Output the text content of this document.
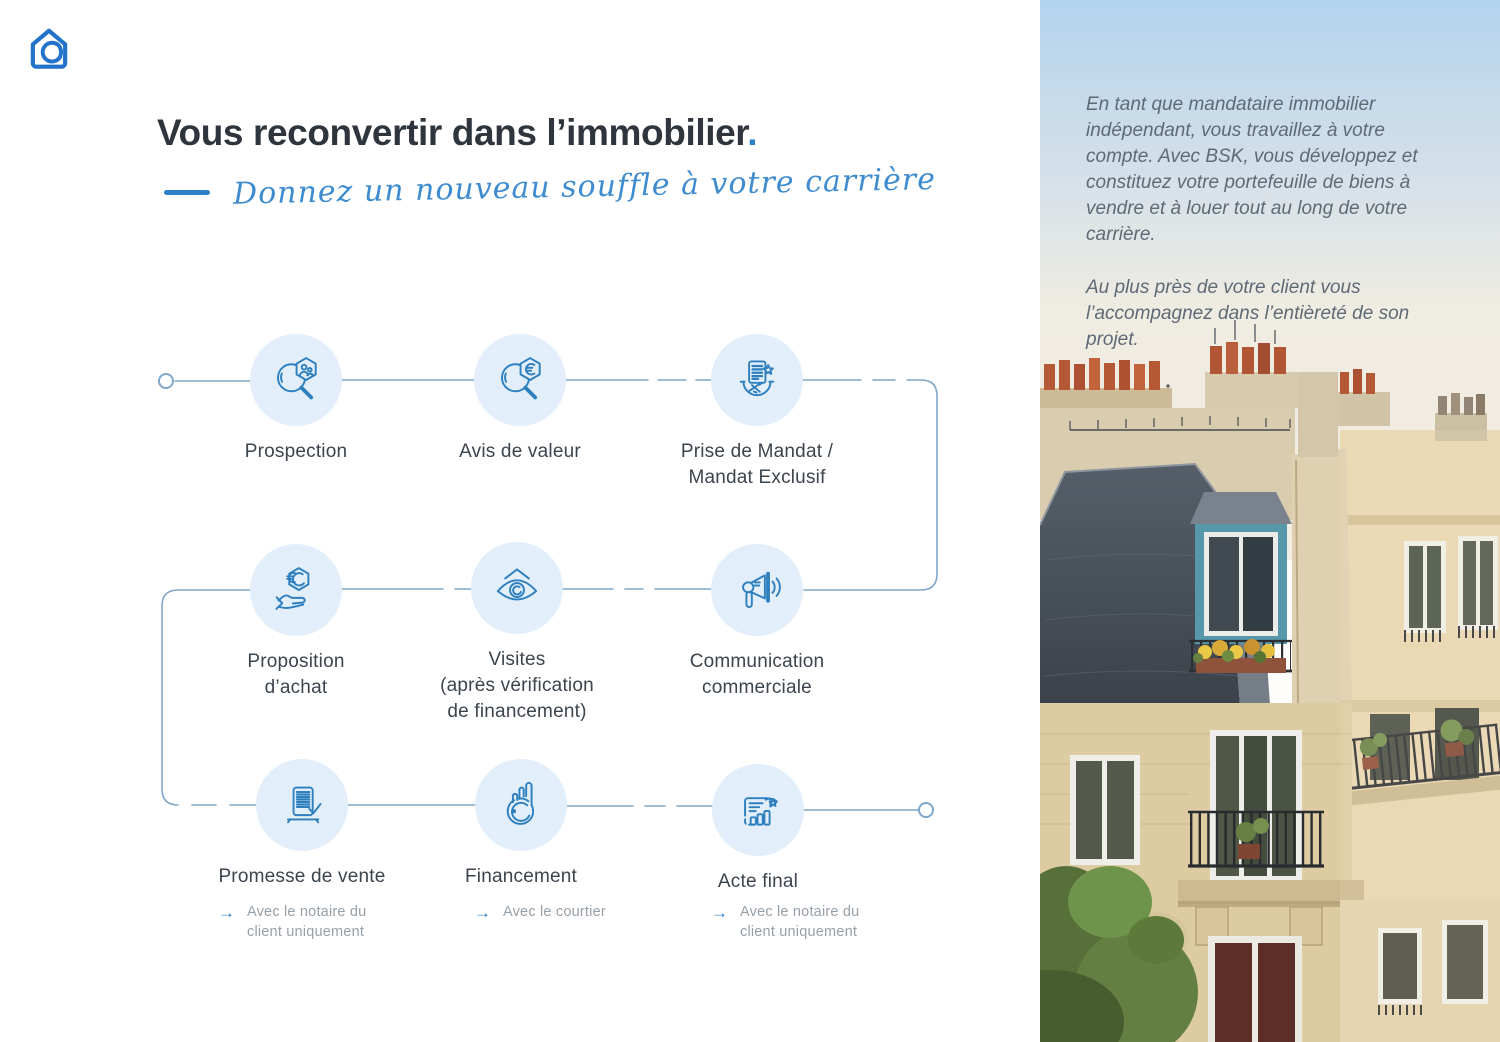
Vous reconvertir dans l’immobilier.
Donnez un nouveau souffle à votre carrière
Prospection	Avis de valeur	Prise de Mandat /
Mandat Exclusif
Proposition
d’achat
Visites
(après vérification
de financement)
Communication
commerciale
Promesse de vente	Financement	Acte final
→ Avec le notaire du
client uniquement
→ Avec le courtier	→ Avec le notaire du
client uniquement

En tant que mandataire immobilier indépendant, vous travaillez à votre compte. Avec BSK, vous développez et constituez votre portefeuille de biens à vendre et à louer tout au long de votre carrière.

Au plus près de votre client vous l’accompagnez dans l’entièreté de son projet.
